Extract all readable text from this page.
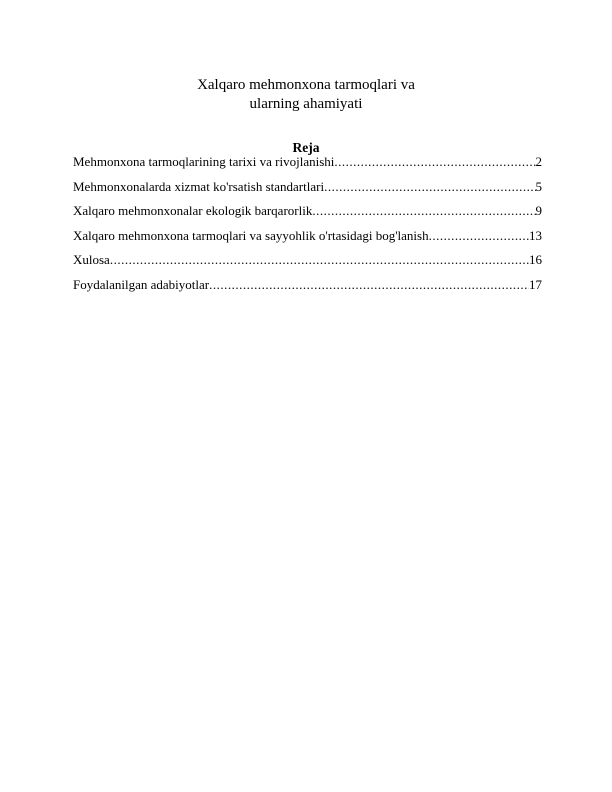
Xalqaro mehmonxona tarmoqlari va
ularning ahamiyati
Reja
Mehmonxona tarmoqlarining tarixi va rivojlanishi .....	2
Mehmonxonalarda xizmat ko'rsatish standartlari .....	5
Xalqaro mehmonxonalar ekologik barqarorlik .....	9
Xalqaro mehmonxona tarmoqlari va sayyohlik o'rtasidagi bog'lanish .....	13
Xulosa .....	16
Foydalanilgan adabiyotlar .....	17
